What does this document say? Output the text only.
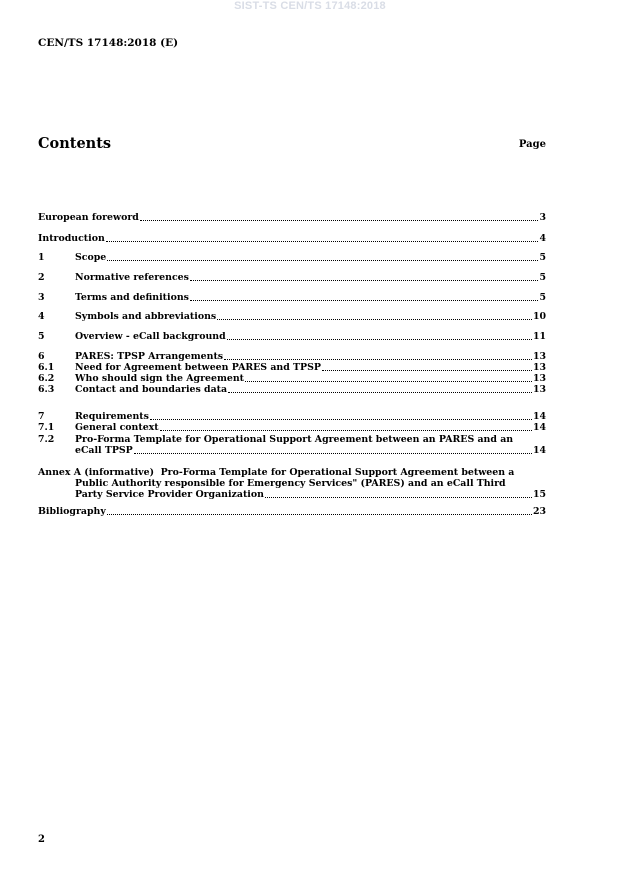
SIST-TS CEN/TS 17148:2018
CEN/TS 17148:2018 (E)
Contents	Page
European foreword	3
Introduction	4
1	Scope	5
2	Normative references	5
3	Terms and definitions	5
4	Symbols and abbreviations	10
5	Overview - eCall background	11
6	PARES: TPSP Arrangements	13
6.1	Need for Agreement between PARES and TPSP	13
6.2	Who should sign the Agreement	13
6.3	Contact and boundaries data	13
7	Requirements	14
7.1	General context	14
7.2 Pro-Forma Template for Operational Support Agreement between an PARES and an
eCall TPSP	14
Annex A (informative) Pro-Forma Template for Operational Support Agreement between a
Public Authority responsible for Emergency Services" (PARES) and an eCall Third
Party Service Provider Organization	15
Bibliography	23
2
